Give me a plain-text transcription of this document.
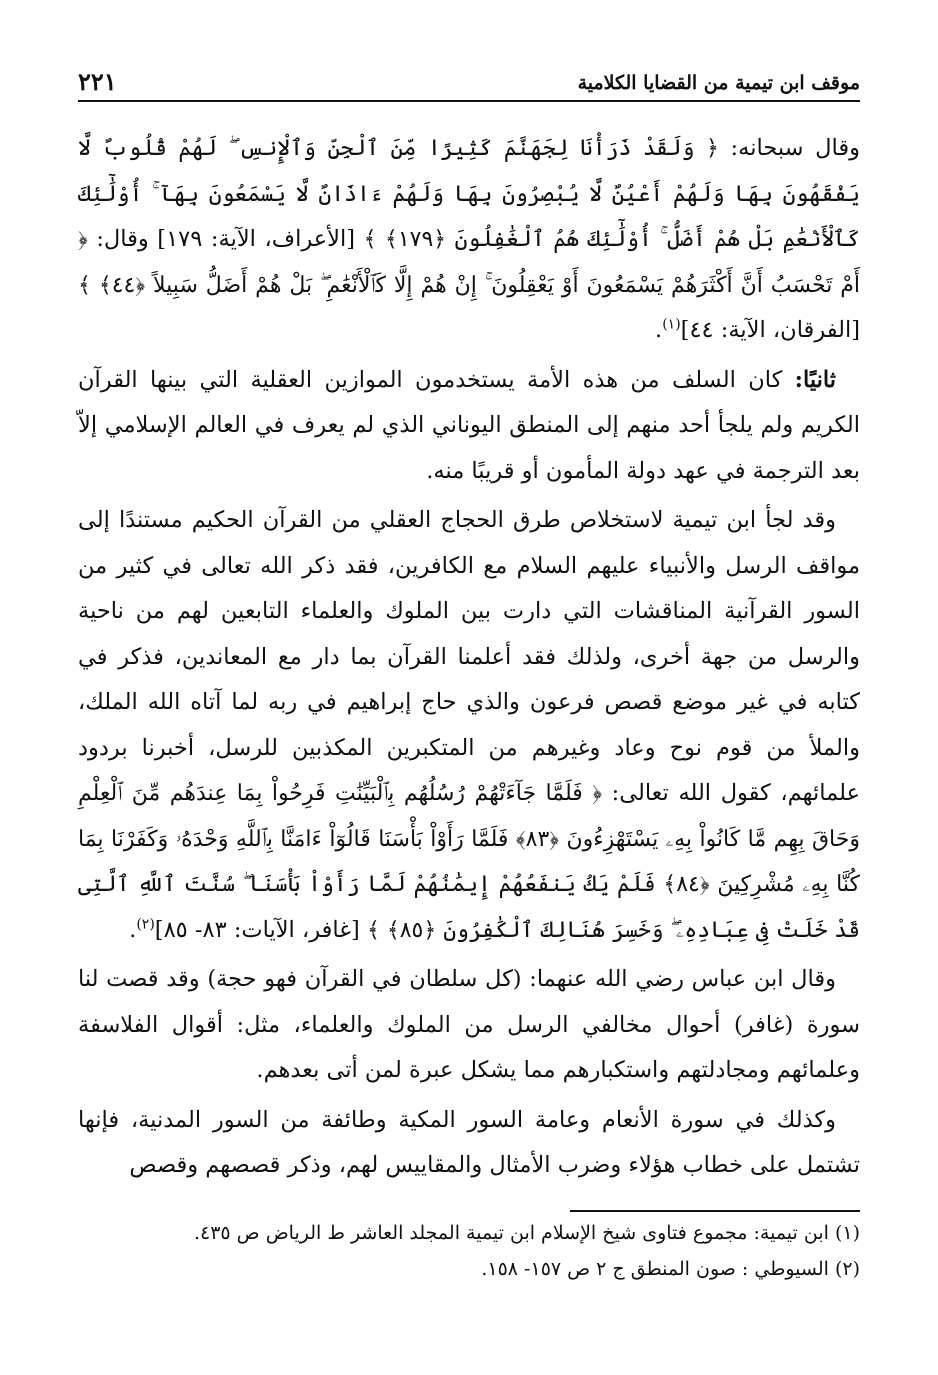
موقف ابن تيمية من القضايا الكلامية
٢٢١

وقال سبحانه: ﴿ وَلَقَدْ ذَرَأْنَا لِجَهَنَّمَ كَثِيرًا مِّنَ ٱلْجِنِّ وَٱلْإِنسِ ۖ لَهُمْ قُلُوبٌ لَّا يَفْقَهُونَ بِهَا وَلَهُمْ أَعْيُنٌ لَّا يُبْصِرُونَ بِهَا وَلَهُمْ ءَاذَانٌ لَّا يَسْمَعُونَ بِهَآ ۚ أُوْلَٰٓئِكَ كَٱلْأَنْعَٰمِ بَلْ هُمْ أَضَلُّ ۚ أُوْلَٰٓئِكَ هُمُ ٱلْغَٰفِلُونَ ﴿١٧٩﴾ ﴾ [الأعراف، الآية: ١٧٩] وقال: ﴿ أَمْ تَحْسَبُ أَنَّ أَكْثَرَهُمْ يَسْمَعُونَ أَوْ يَعْقِلُونَ ۚ إِنْ هُمْ إِلَّا كَٱلْأَنْعَٰمِ ۖ بَلْ هُمْ أَضَلُّ سَبِيلاً ﴿٤٤﴾ ﴾ [الفرقان، الآية: ٤٤]$^{(١)}$.

ثانيًا: كان السلف من هذه الأمة يستخدمون الموازين العقلية التي بينها القرآن الكريم ولم يلجأ أحد منهم إلى المنطق اليوناني الذي لم يعرف في العالم الإسلامي إلاّ بعد الترجمة في عهد دولة المأمون أو قريبًا منه.

وقد لجأ ابن تيمية لاستخلاص طرق الحجاج العقلي من القرآن الحكيم مستندًا إلى مواقف الرسل والأنبياء عليهم السلام مع الكافرين، فقد ذكر الله تعالى في كثير من السور القرآنية المناقشات التي دارت بين الملوك والعلماء التابعين لهم من ناحية والرسل من جهة أخرى، ولذلك فقد أعلمنا القرآن بما دار مع المعاندين، فذكر في كتابه في غير موضع قصص فرعون والذي حاج إبراهيم في ربه لما آتاه الله الملك، والملأ من قوم نوح وعاد وغيرهم من المتكبرين المكذبين للرسل، أخبرنا بردود علمائهم، كقول الله تعالى: ﴿ فَلَمَّا جَآءَتْهُمْ رُسُلُهُم بِٱلْبَيِّنَٰتِ فَرِحُواْ بِمَا عِندَهُم مِّنَ ٱلْعِلْمِ وَحَاقَ بِهِم مَّا كَانُواْ بِهِۦ يَسْتَهْزِءُونَ ﴿٨٣﴾ فَلَمَّا رَأَوْاْ بَأْسَنَا قَالُوٓاْ ءَامَنَّا بِٱللَّهِ وَحْدَهُۥ وَكَفَرْنَا بِمَا كُنَّا بِهِۦ مُشْرِكِينَ ﴿٨٤﴾ فَلَمْ يَكُ يَنفَعُهُمْ إِيمَٰنُهُمْ لَمَّا رَأَوْاْ بَأْسَنَا ۖ سُنَّتَ ٱللَّهِ ٱلَّتِى قَدْ خَلَتْ فِى عِبَادِهِۦ ۖ وَخَسِرَ هُنَالِكَ ٱلْكَٰفِرُونَ ﴿٨٥﴾ ﴾ [غافر، الآيات: ٨٣- ٨٥]$^{(٢)}$.

وقال ابن عباس رضي الله عنهما: (كل سلطان في القرآن فهو حجة) وقد قصت لنا سورة (غافر) أحوال مخالفي الرسل من الملوك والعلماء، مثل: أقوال الفلاسفة وعلمائهم ومجادلتهم واستكبارهم مما يشكل عبرة لمن أتى بعدهم.

وكذلك في سورة الأنعام وعامة السور المكية وطائفة من السور المدنية، فإنها تشتمل على خطاب هؤلاء وضرب الأمثال والمقاييس لهم، وذكر قصصهم وقصص

(١) ابن تيمية: مجموع فتاوى شيخ الإسلام ابن تيمية المجلد العاشر ط الرياض ص ٤٣٥.
(٢) السيوطي : صون المنطق ج ٢ ص ١٥٧- ١٥٨.
